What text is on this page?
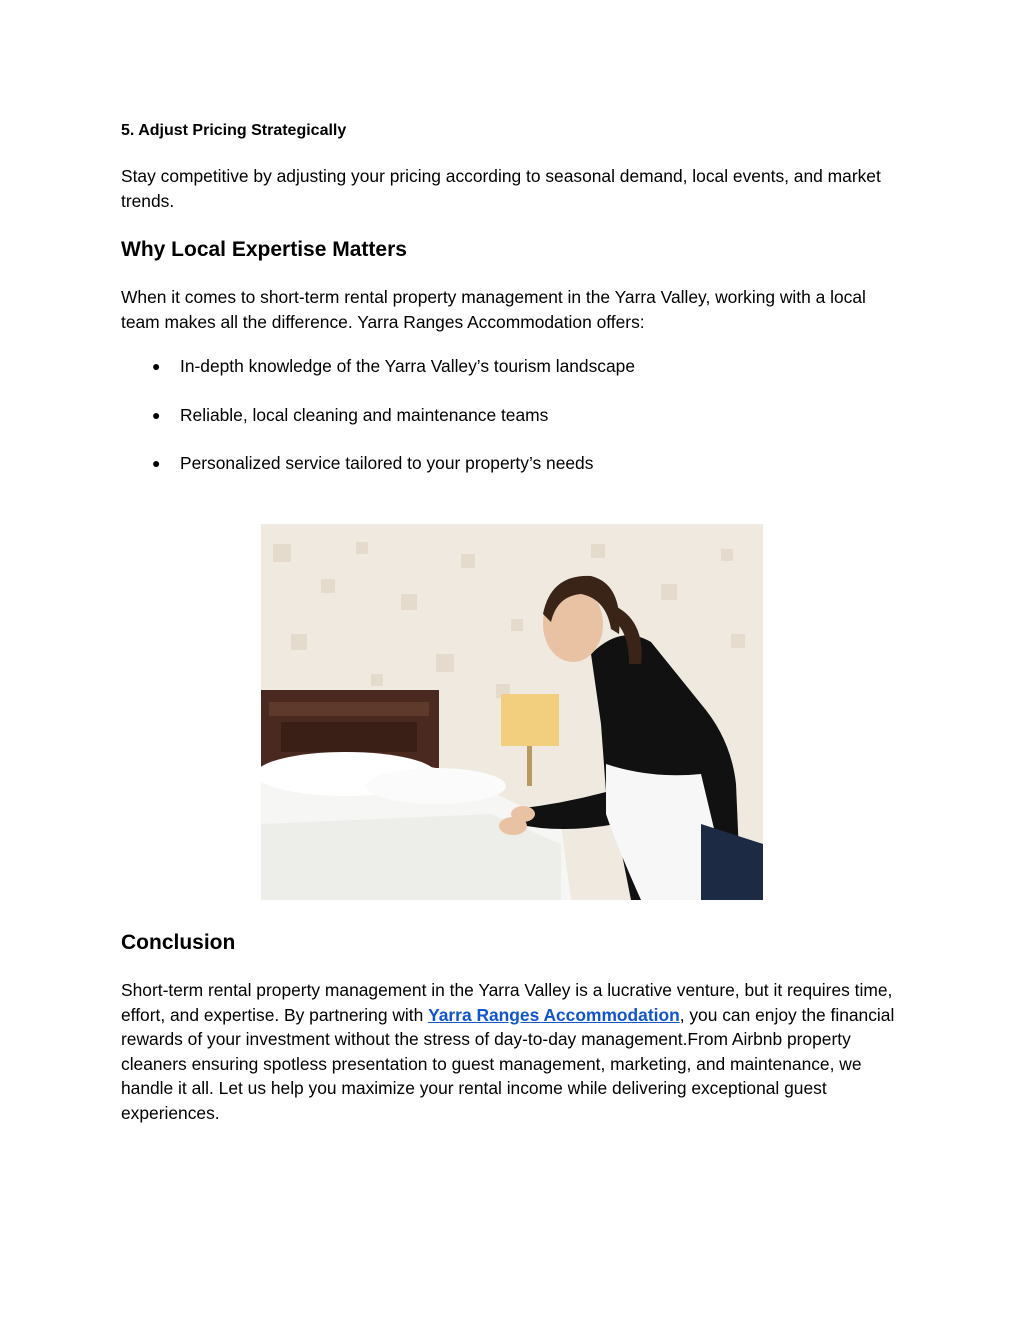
5. Adjust Pricing Strategically

Stay competitive by adjusting your pricing according to seasonal demand, local events, and market trends.

Why Local Expertise Matters

When it comes to short-term rental property management in the Yarra Valley, working with a local team makes all the difference. Yarra Ranges Accommodation offers:

● In-depth knowledge of the Yarra Valley’s tourism landscape
● Reliable, local cleaning and maintenance teams
● Personalized service tailored to your property’s needs
Conclusion

Short-term rental property management in the Yarra Valley is a lucrative venture, but it requires time, effort, and expertise. By partnering with Yarra Ranges Accommodation, you can enjoy the financial rewards of your investment without the stress of day-to-day management.From Airbnb property cleaners ensuring spotless presentation to guest management, marketing, and maintenance, we handle it all. Let us help you maximize your rental income while delivering exceptional guest experiences.
